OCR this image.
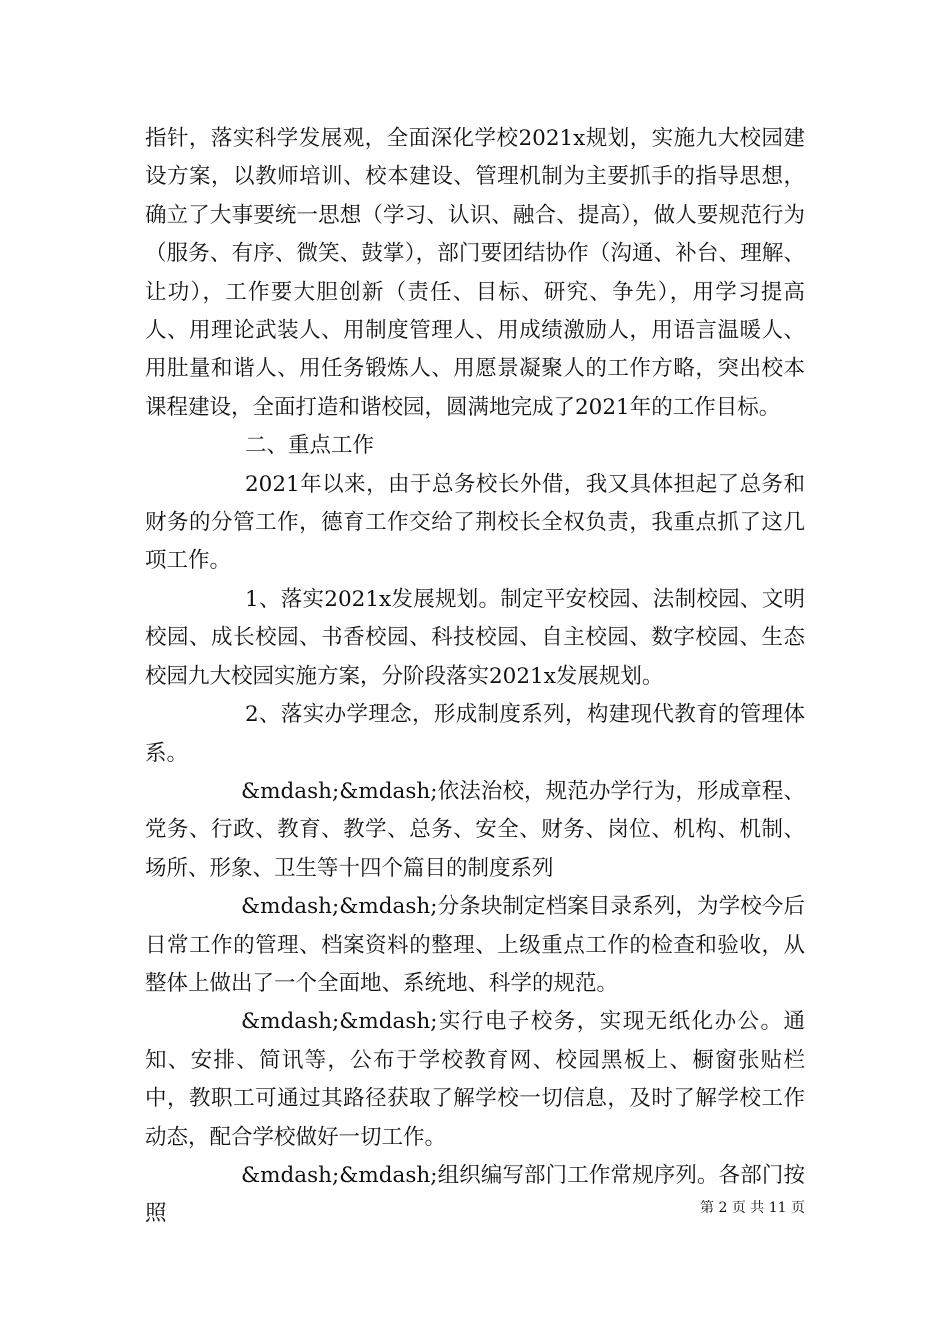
指针，落实科学发展观，全面深化学校2021x规划，实施九大校园建设方案，以教师培训、校本建设、管理机制为主要抓手的指导思想，确立了大事要统一思想（学习、认识、融合、提高），做人要规范行为（服务、有序、微笑、鼓掌），部门要团结协作（沟通、补台、理解、让功），工作要大胆创新（责任、目标、研究、争先），用学习提高人、用理论武装人、用制度管理人、用成绩激励人，用语言温暖人、用肚量和谐人、用任务锻炼人、用愿景凝聚人的工作方略，突出校本课程建设，全面打造和谐校园，圆满地完成了2021年的工作目标。

二、重点工作

2021年以来，由于总务校长外借，我又具体担起了总务和财务的分管工作，德育工作交给了荆校长全权负责，我重点抓了这几项工作。

1、落实2021x发展规划。制定平安校园、法制校园、文明校园、成长校园、书香校园、科技校园、自主校园、数字校园、生态校园九大校园实施方案，分阶段落实2021x发展规划。

2、落实办学理念，形成制度系列，构建现代教育的管理体系。

&mdash;&mdash;依法治校，规范办学行为，形成章程、党务、行政、教育、教学、总务、安全、财务、岗位、机构、机制、场所、形象、卫生等十四个篇目的制度系列

&mdash;&mdash;分条块制定档案目录系列，为学校今后日常工作的管理、档案资料的整理、上级重点工作的检查和验收，从整体上做出了一个全面地、系统地、科学的规范。

&mdash;&mdash;实行电子校务，实现无纸化办公。通知、安排、简讯等，公布于学校教育网、校园黑板上、橱窗张贴栏中，教职工可通过其路径获取了解学校一切信息，及时了解学校工作动态，配合学校做好一切工作。

&mdash;&mdash;组织编写部门工作常规序列。各部门按照	第 2 页 共 11 页
